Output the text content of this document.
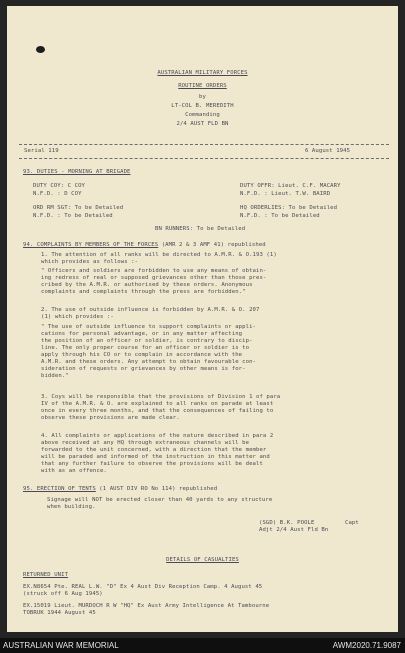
AUSTRALIAN MILITARY FORCES
ROUTINE ORDERS
by
LT-COL B. MEREDITH
Commanding
2/4 AUST FLD BN
Serial 119	6 August 1945
93. DUTIES - MORNING AT BRIGADE
DUTY COY: C COY	DUTY OFFR: Lieut. C.F. MACARY
N.F.D. : D COY	N.F.D. : Lieut. T.W. BAIRD
ORD RM SGT: To be Detailed	HQ ORDERLIES: To be Detailed
N.F.D. : To be Detailed	N.F.D. : To be Detailed
BN RUNNERS: To be Detailed
94. COMPLAINTS BY MEMBERS OF THE FORCES (AMR 2 & 3 AMF 41) republished
1. The attention of all ranks will be directed to A.M.R. & O.193 (1)
which provides as follows :-
" Officers and soldiers are forbidden to use any means of obtain-
ing redress of real or supposed grievances other than those pres-
cribed by the A.M.R. or authorised by these orders. Anonymous
complaints and complaints through the press are forbidden."
2. The use of outside influence is forbidden by A.M.R. & O. 207
(1) which provides :-
" The use of outside influence to support complaints or appli-
cations for personal advantage, or in any matter affecting
the position of an officer or soldier, is contrary to discip-
line. The only proper course for an officer or soldier is to
apply through his CO or to complain in accordance with the
A.M.R. and these orders. Any attempt to obtain favourable con-
sideration of requests or grievances by other means is for-
bidden."
3. Coys will be responsible that the provisions of Division 1 of para
IV of the A.M.R. & O. are explained to all ranks on parade at least
once in every three months, and that the consequences of failing to
observe these provisions are made clear.
4. All complaints or applications of the nature described in para 2
above received at any HQ through extraneous channels will be
forwarded to the unit concerned, with a direction that the member
will be paraded and informed of the instruction in this matter and
that any further failure to observe the provisions will be dealt
with as an offence.
95. ERECTION OF TENTS (1 AUST DIV RO No 114) republished
Signage will NOT be erected closer than 40 yards to any structure
when building.
(SGD) B.K. POOLE	Capt
Adjt 2/4 Aust Fld Bn
DETAILS OF CASUALTIES
RETURNED UNIT
EX.N8654 Pte. REAL L.W. "D" Ex 4 Aust Div Reception Camp. 4 August 45
(struck off 6 Aug 1945)
EX.15019 Lieut. MURDOCH R W "HQ" Ex Aust Army Intelligence At Tambourne
TOBRUK 1944 August 45
AUSTRALIAN WAR MEMORIAL	AWM2020.71.9087
